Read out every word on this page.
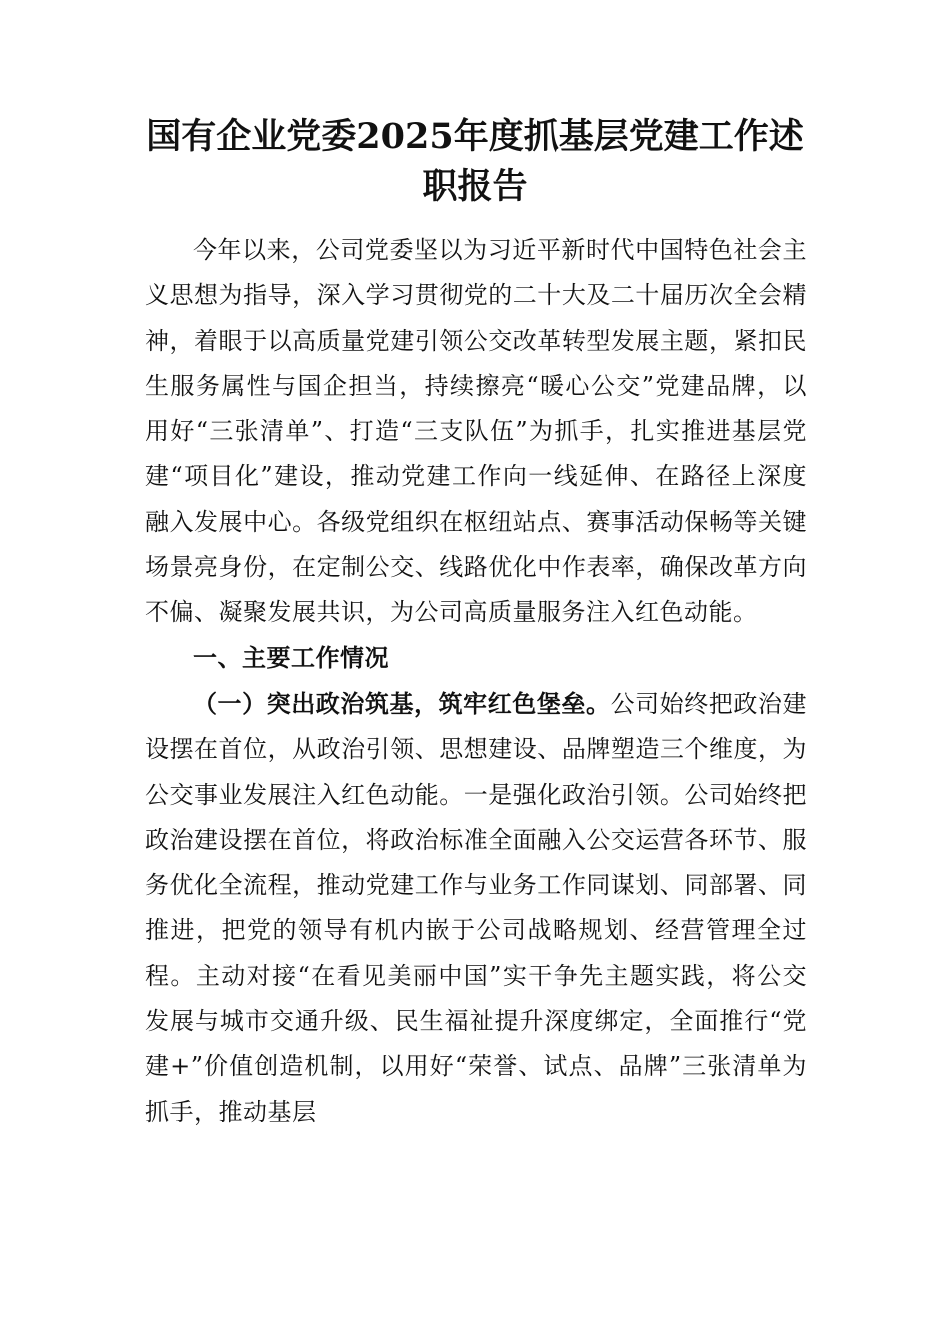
国有企业党委2025年度抓基层党建工作述职报告

今年以来，公司党委坚以为习近平新时代中国特色社会主义思想为指导，深入学习贯彻党的二十大及二十届历次全会精神，着眼于以高质量党建引领公交改革转型发展主题，紧扣民生服务属性与国企担当，持续擦亮“暖心公交”党建品牌，以用好“三张清单”、打造“三支队伍”为抓手，扎实推进基层党建“项目化”建设，推动党建工作向一线延伸、在路径上深度融入发展中心。各级党组织在枢纽站点、赛事活动保畅等关键场景亮身份，在定制公交、线路优化中作表率，确保改革方向不偏、凝聚发展共识，为公司高质量服务注入红色动能。

一、主要工作情况

（一）突出政治筑基，筑牢红色堡垒。公司始终把政治建设摆在首位，从政治引领、思想建设、品牌塑造三个维度，为公交事业发展注入红色动能。一是强化政治引领。公司始终把政治建设摆在首位，将政治标准全面融入公交运营各环节、服务优化全流程，推动党建工作与业务工作同谋划、同部署、同推进，把党的领导有机内嵌于公司战略规划、经营管理全过程。主动对接“在看见美丽中国”实干争先主题实践，将公交发展与城市交通升级、民生福祉提升深度绑定，全面推行“党建+”价值创造机制，以用好“荣誉、试点、品牌”三张清单为抓手，推动基层
